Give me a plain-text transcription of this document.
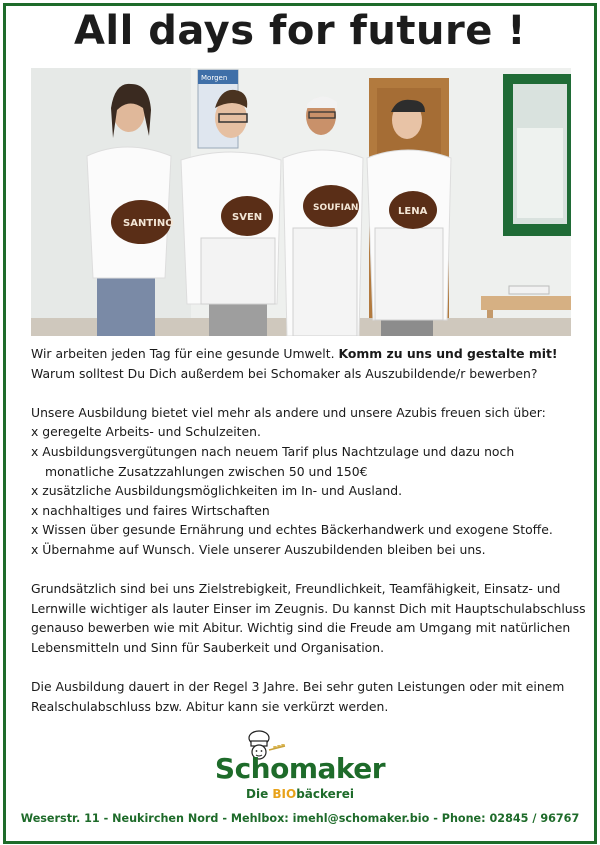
All days for future !
Morgen
SANTINO
SVEN
SOUFIAN	LENA

Wir arbeiten jeden Tag für eine gesunde Umwelt. Komm zu uns und gestalte mit!

Warum solltest Du Dich außerdem bei Schomaker als Auszubildende/r bewerben?

Unsere Ausbildung bietet viel mehr als andere und unsere Azubis freuen sich über:

x geregelte Arbeits- und Schulzeiten.

x Ausbildungsvergütungen nach neuem Tarif plus Nachtzulage und dazu noch

monatliche Zusatzzahlungen zwischen 50 und 150€

x zusätzliche Ausbildungsmöglichkeiten im In- und Ausland.

x nachhaltiges und faires Wirtschaften

x Wissen über gesunde Ernährung und echtes Bäckerhandwerk und exogene Stoffe.

x Übernahme auf Wunsch. Viele unserer Auszubildenden bleiben bei uns.

Grundsätzlich sind bei uns Zielstrebigkeit, Freundlichkeit, Teamfähigkeit, Einsatz- und

Lernwille wichtiger als lauter Einser im Zeugnis. Du kannst Dich mit Hauptschulabschluss

genauso bewerben wie mit Abitur. Wichtig sind die Freude am Umgang mit natürlichen

Lebensmitteln und Sinn für Sauberkeit und Organisation.

Die Ausbildung dauert in der Regel 3 Jahre. Bei sehr guten Leistungen oder mit einem

Realschulabschluss bzw. Abitur kann sie verkürzt werden.

Schomaker
Die BIObäckerei
Weserstr. 11 - Neukirchen Nord - Mehlbox: imehl@schomaker.bio - Phone: 02845 / 96767
